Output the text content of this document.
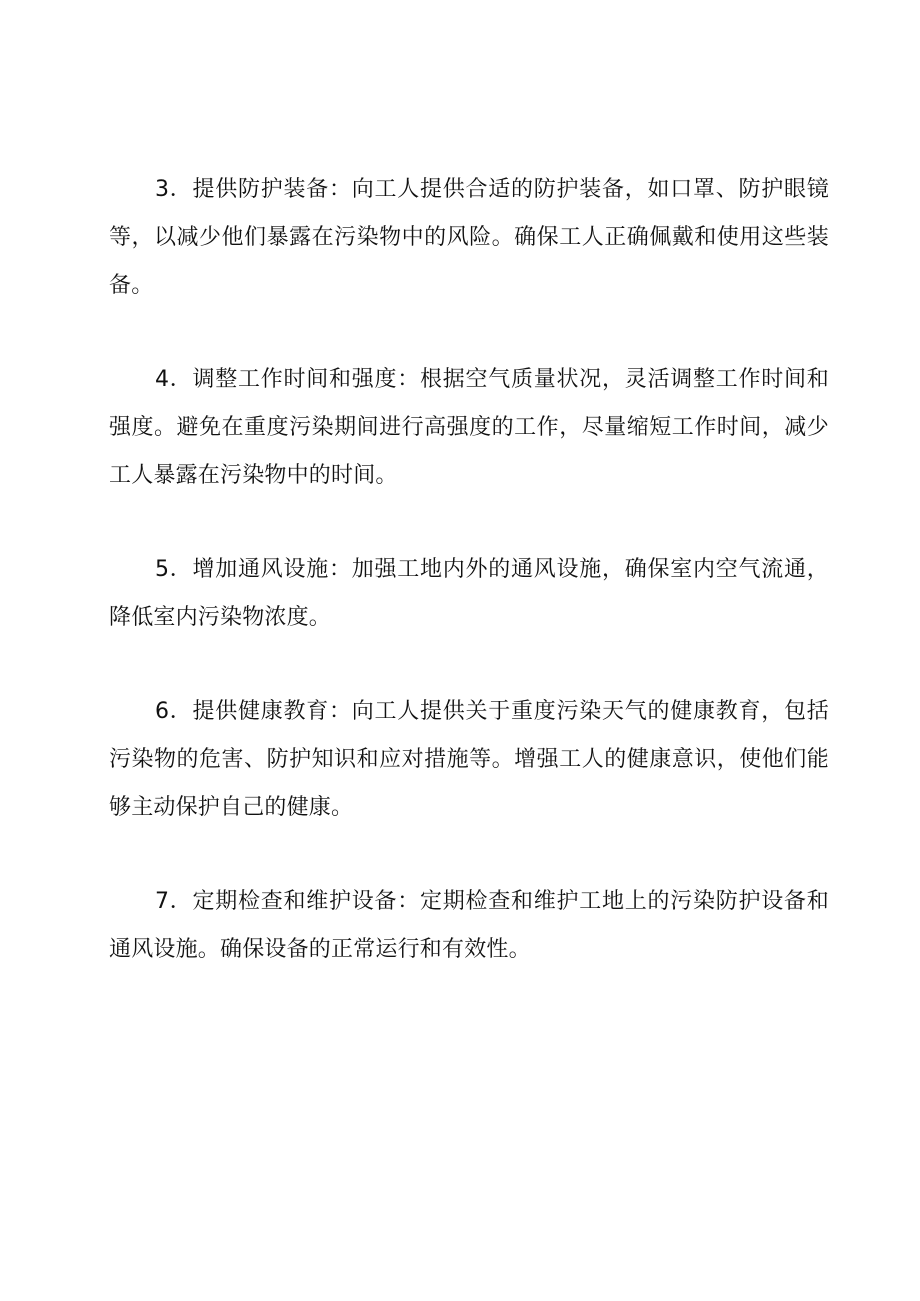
3．提供防护装备：向工人提供合适的防护装备，如口罩、防护眼镜等，以减少他们暴露在污染物中的风险。确保工人正确佩戴和使用这些装备。

4．调整工作时间和强度：根据空气质量状况，灵活调整工作时间和强度。避免在重度污染期间进行高强度的工作，尽量缩短工作时间，减少工人暴露在污染物中的时间。

5．增加通风设施：加强工地内外的通风设施，确保室内空气流通，降低室内污染物浓度。

6．提供健康教育：向工人提供关于重度污染天气的健康教育，包括污染物的危害、防护知识和应对措施等。增强工人的健康意识，使他们能够主动保护自己的健康。

7．定期检查和维护设备：定期检查和维护工地上的污染防护设备和通风设施。确保设备的正常运行和有效性。
